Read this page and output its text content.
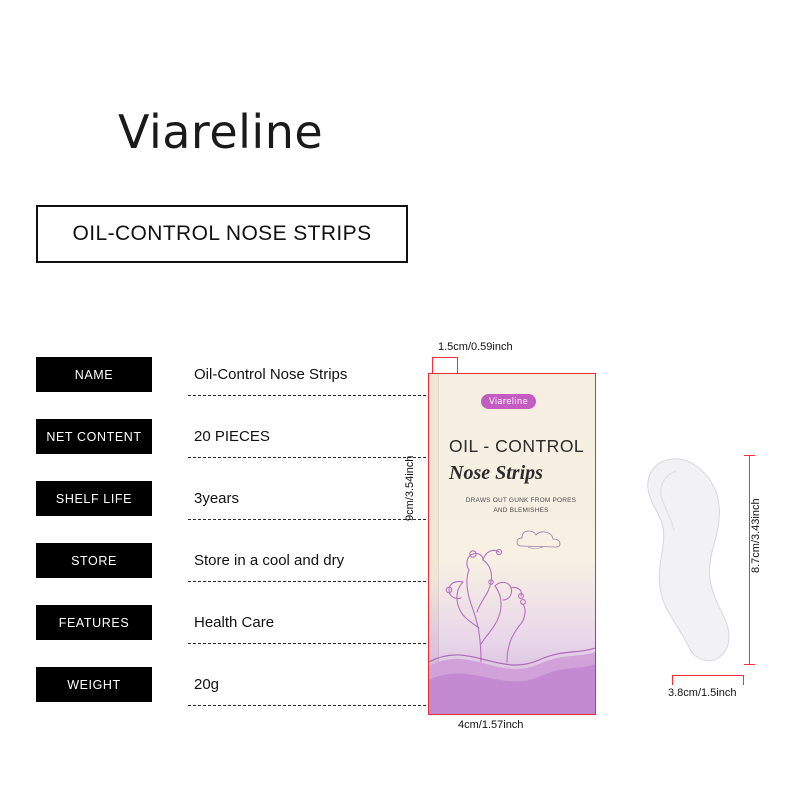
Viareline
OIL-CONTROL NOSE STRIPS
NAME	Oil-Control Nose Strips
NET CONTENT	20 PIECES
SHELF LIFE	3years
STORE	Store in a cool and dry
FEATURES	Health Care
WEIGHT	20g
1.5cm/0.59inch
9cm/3.54inch
4cm/1.57inch
Viareline
OIL - CONTROL
Nose Strips
DRAWS OUT GUNK FROM PORES AND BLEMISHES	8.7cm/3.43inch
3.8cm/1.5inch
